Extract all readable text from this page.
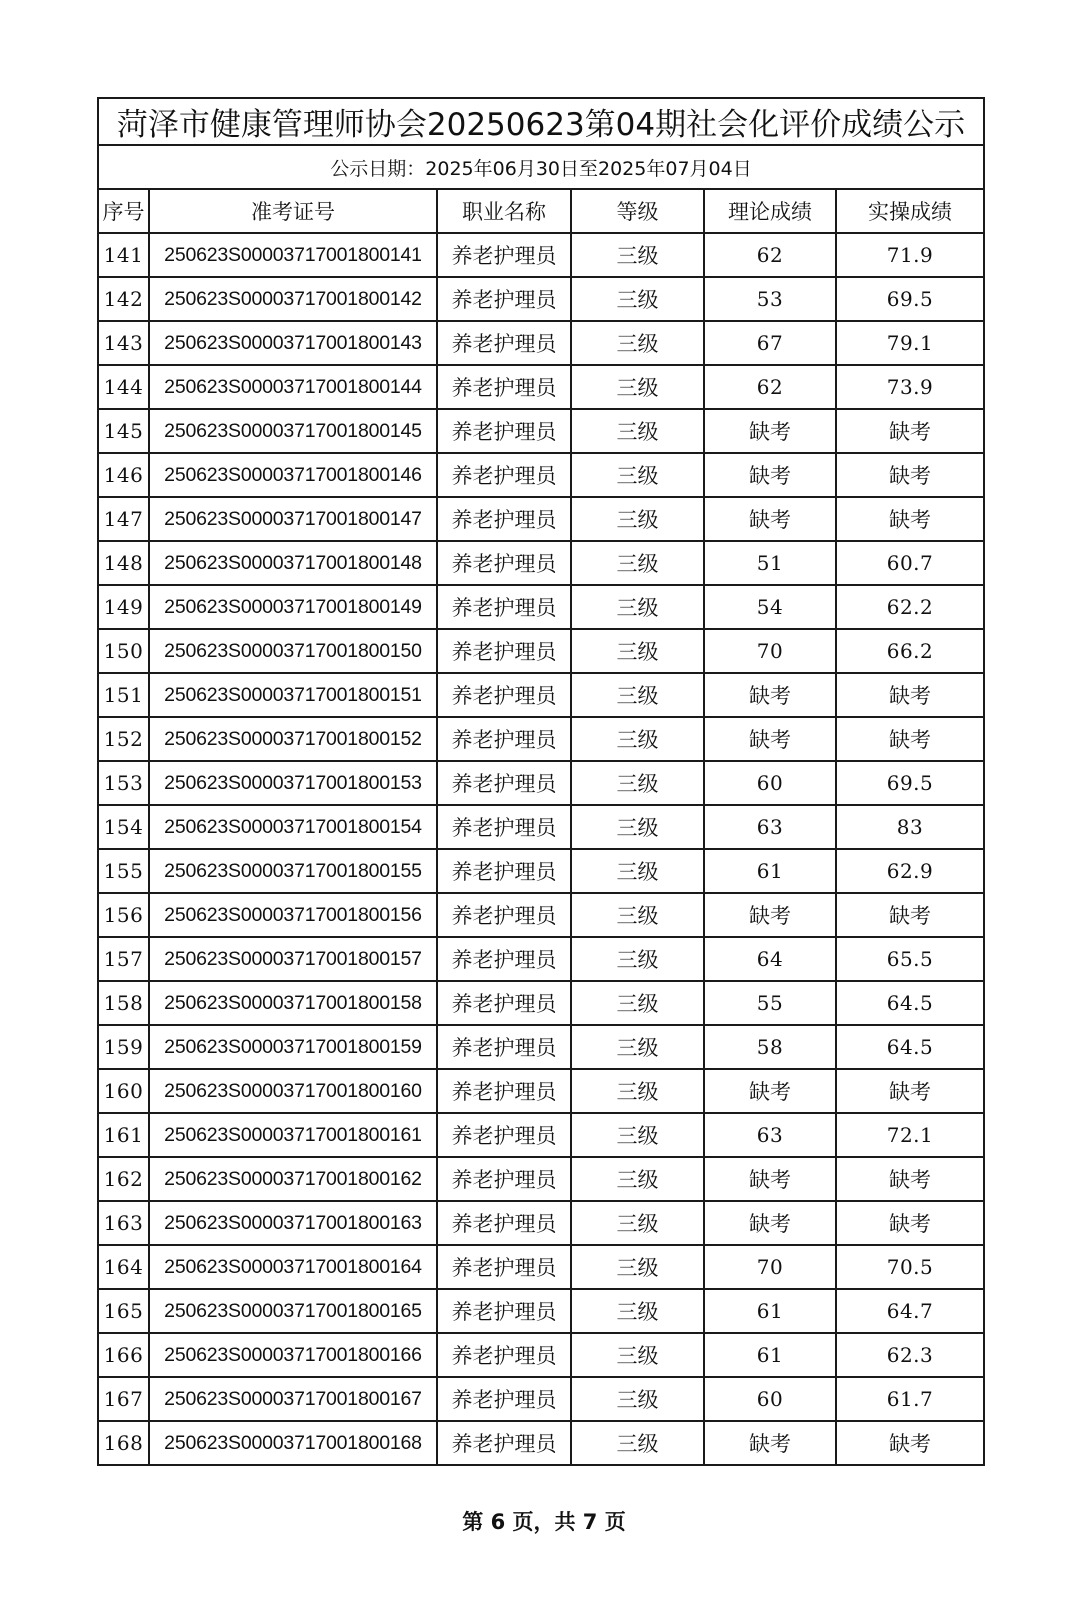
菏泽市健康管理师协会20250623第04期社会化评价成绩公示					
公示日期：2025年06月30日至2025年07月04日					
序号	准考证号	职业名称	等级	理论成绩	实操成绩
141	250623S00003717001800141	养老护理员	三级	62	71.9
142	250623S00003717001800142	养老护理员	三级	53	69.5
143	250623S00003717001800143	养老护理员	三级	67	79.1
144	250623S00003717001800144	养老护理员	三级	62	73.9
145	250623S00003717001800145	养老护理员	三级	缺考	缺考
146	250623S00003717001800146	养老护理员	三级	缺考	缺考
147	250623S00003717001800147	养老护理员	三级	缺考	缺考
148	250623S00003717001800148	养老护理员	三级	51	60.7
149	250623S00003717001800149	养老护理员	三级	54	62.2
150	250623S00003717001800150	养老护理员	三级	70	66.2
151	250623S00003717001800151	养老护理员	三级	缺考	缺考
152	250623S00003717001800152	养老护理员	三级	缺考	缺考
153	250623S00003717001800153	养老护理员	三级	60	69.5
154	250623S00003717001800154	养老护理员	三级	63	83
155	250623S00003717001800155	养老护理员	三级	61	62.9
156	250623S00003717001800156	养老护理员	三级	缺考	缺考
157	250623S00003717001800157	养老护理员	三级	64	65.5
158	250623S00003717001800158	养老护理员	三级	55	64.5
159	250623S00003717001800159	养老护理员	三级	58	64.5
160	250623S00003717001800160	养老护理员	三级	缺考	缺考
161	250623S00003717001800161	养老护理员	三级	63	72.1
162	250623S00003717001800162	养老护理员	三级	缺考	缺考
163	250623S00003717001800163	养老护理员	三级	缺考	缺考
164	250623S00003717001800164	养老护理员	三级	70	70.5
165	250623S00003717001800165	养老护理员	三级	61	64.7
166	250623S00003717001800166	养老护理员	三级	61	62.3
167	250623S00003717001800167	养老护理员	三级	60	61.7
168	250623S00003717001800168	养老护理员	三级	缺考	缺考
第 6 页，共 7 页
